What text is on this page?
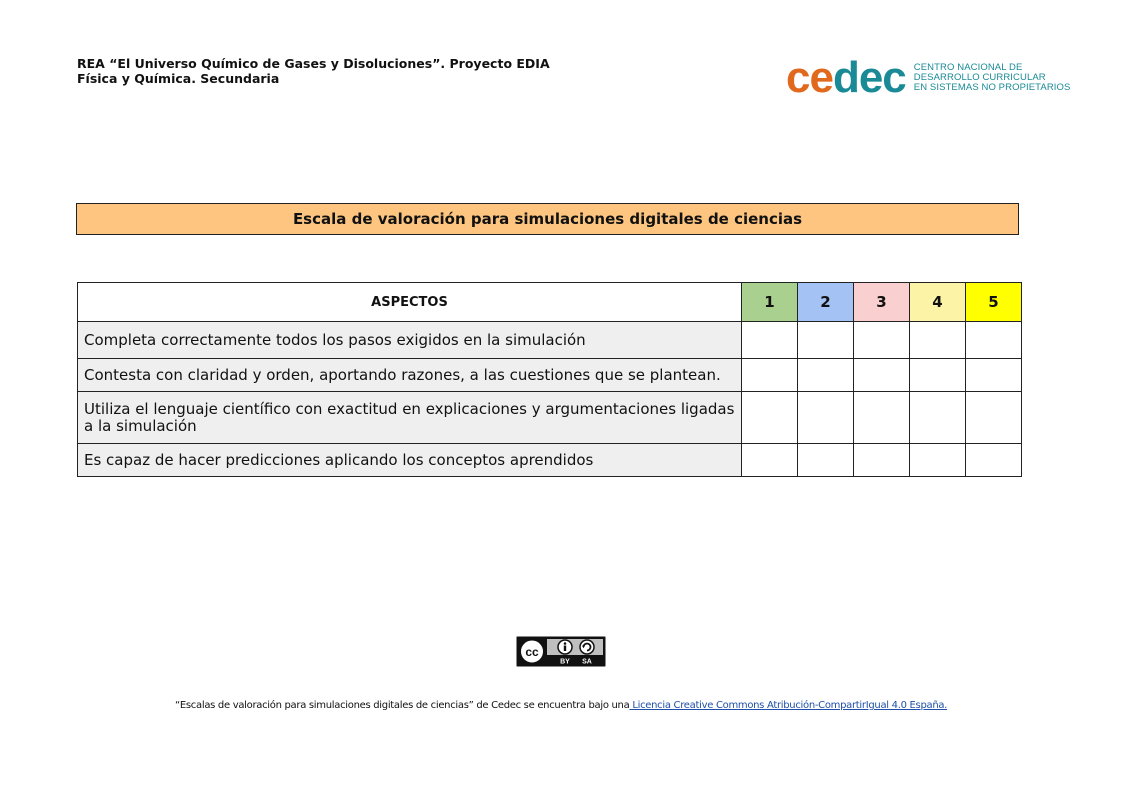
REA “El Universo Químico de Gases y Disoluciones”. Proyecto EDIA
Física y Química. Secundaria	cedec CENTRO NACIONAL DE
DESARROLLO CURRICULAR
EN SISTEMAS NO PROPIETARIOS
Escala de valoración para simulaciones digitales de ciencias
ASPECTOS	1	2	3	4	5
Completa correctamente todos los pasos exigidos en la simulación					
Contesta con claridad y orden, aportando razones, a las cuestiones que se plantean.					
Utiliza el lenguaje científico con exactitud en explicaciones y argumentaciones ligadas a la simulación					
Es capaz de hacer predicciones aplicando los conceptos aprendidos					
cc
BY SA
“Escalas de valoración para simulaciones digitales de ciencias” de Cedec se encuentra bajo una Licencia Creative Commons Atribución-CompartirIgual 4.0 España.
